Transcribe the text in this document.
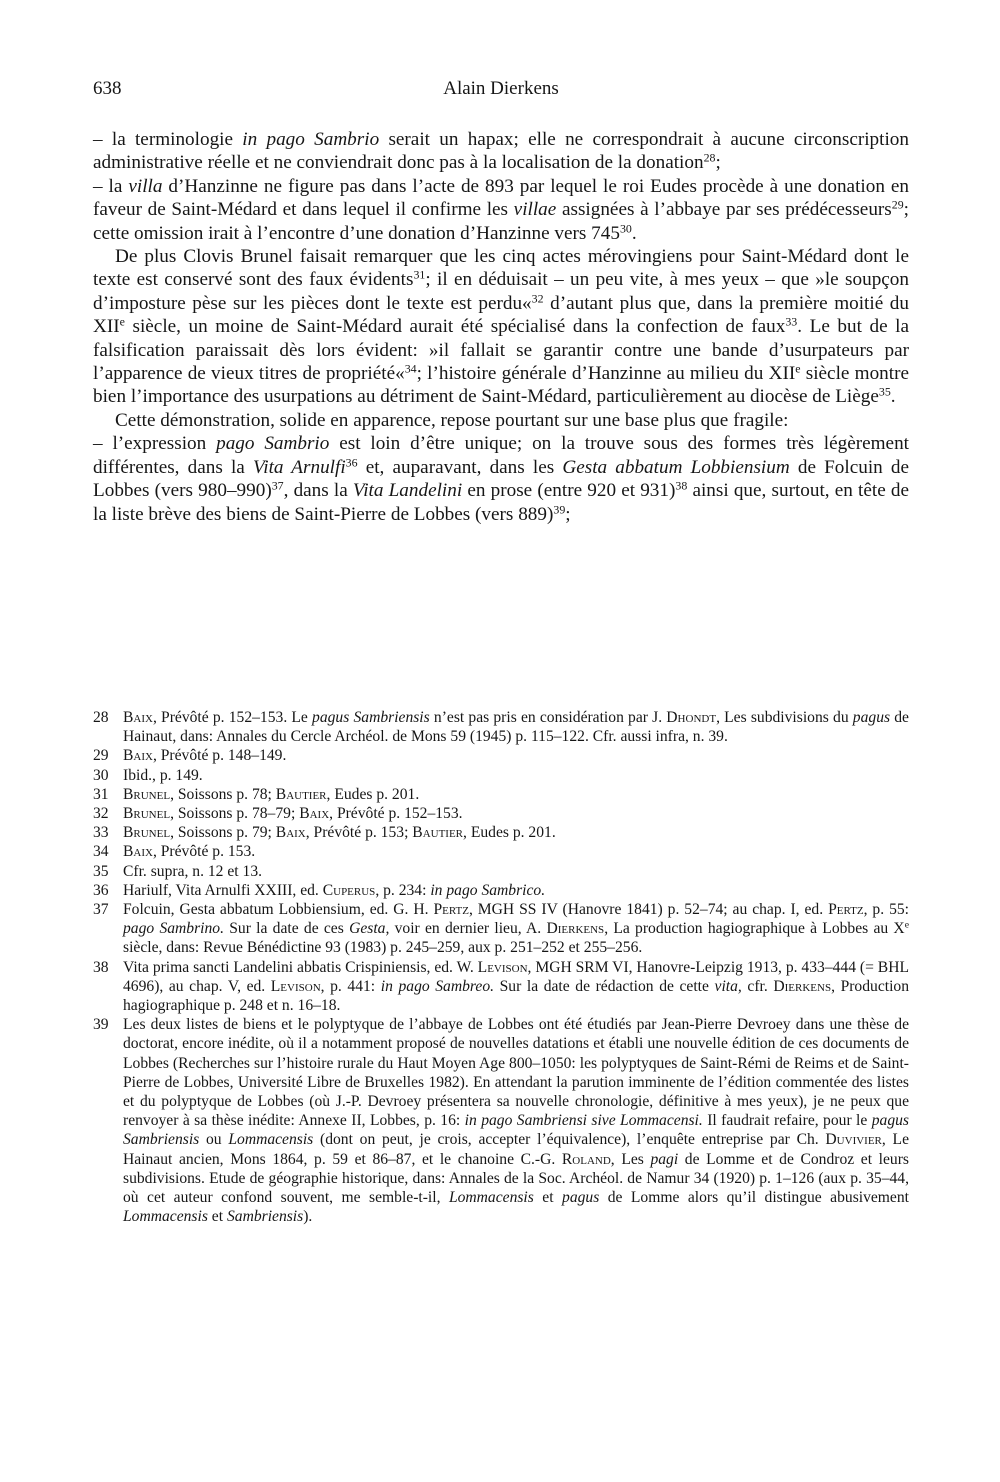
638	Alain Dierkens

– la terminologie in pago Sambrio serait un hapax; elle ne correspondrait à aucune circonscription administrative réelle et ne conviendrait donc pas à la localisation de la donation$^{28}$;

– la villa d’Hanzinne ne figure pas dans l’acte de 893 par lequel le roi Eudes procède à une donation en faveur de Saint-Médard et dans lequel il confirme les villae assignées à l’abbaye par ses prédécesseurs$^{29}$; cette omission irait à l’encontre d’une donation d’Hanzinne vers $745^{30}$.

De plus Clovis Brunel faisait remarquer que les cinq actes mérovingiens pour Saint-Médard dont le texte est conservé sont des faux évidents$^{31}$; il en déduisait – un peu vite, à mes yeux – que »le soupçon d’imposture pèse sur les pièces dont le texte est perdu«$^{32}$ d’autant plus que, dans la première moitié du XIIe siècle, un moine de Saint-Médard aurait été spécialisé dans la confection de faux$^{33}$. Le but de la falsification paraissait dès lors évident: »il fallait se garantir contre une bande d’usurpateurs par l’apparence de vieux titres de propriété«$^{34}$; l’histoire générale d’Hanzinne au milieu du XIIe siècle montre bien l’importance des usurpations au détriment de Saint-Médard, particulièrement au diocèse de Liège$^{35}$.

Cette démonstration, solide en apparence, repose pourtant sur une base plus que fragile:

– l’expression pago Sambrio est loin d’être unique; on la trouve sous des formes très légèrement différentes, dans la Vita Arnulfi$^{36}$ et, auparavant, dans les Gesta abbatum Lobbiensium de Folcuin de Lobbes (vers 980–990)$^{37}$, dans la Vita Landelini en prose (entre 920 et 931)$^{38}$ ainsi que, surtout, en tête de la liste brève des biens de Saint-Pierre de Lobbes (vers 889)$^{39}$;

28 Baix, Prévôté p. 152–153. Le pagus Sambriensis n’est pas pris en considération par J. Dhondt, Les subdivisions du pagus de Hainaut, dans: Annales du Cercle Archéol. de Mons 59 (1945) p. 115–122. Cfr. aussi infra, n. 39.
29 Baix, Prévôté p. 148–149.
30 Ibid., p. 149.
31 Brunel, Soissons p. 78; Bautier, Eudes p. 201.
32 Brunel, Soissons p. 78–79; Baix, Prévôté p. 152–153.
33 Brunel, Soissons p. 79; Baix, Prévôté p. 153; Bautier, Eudes p. 201.
34 Baix, Prévôté p. 153.
35 Cfr. supra, n. 12 et 13.
36 Hariulf, Vita Arnulfi XXIII, ed. Cuperus, p. 234: in pago Sambrico.
37 Folcuin, Gesta abbatum Lobbiensium, ed. G. H. Pertz, MGH SS IV (Hanovre 1841) p. 52–74; au chap. I, ed. Pertz, p. 55: pago Sambrino. Sur la date de ces Gesta, voir en dernier lieu, A. Dierkens, La production hagiographique à Lobbes au Xe siècle, dans: Revue Bénédictine 93 (1983) p. 245–259, aux p. 251–252 et 255–256.
38 Vita prima sancti Landelini abbatis Crispiniensis, ed. W. Levison, MGH SRM VI, Hanovre-Leipzig 1913, p. 433–444 (= BHL 4696), au chap. V, ed. Levison, p. 441: in pago Sambreo. Sur la date de rédaction de cette vita, cfr. Dierkens, Production hagiographique p. 248 et n. 16–18.
39 Les deux listes de biens et le polyptyque de l’abbaye de Lobbes ont été étudiés par Jean-Pierre Devroey dans une thèse de doctorat, encore inédite, où il a notamment proposé de nouvelles datations et établi une nouvelle édition de ces documents de Lobbes (Recherches sur l’histoire rurale du Haut Moyen Age 800–1050: les polyptyques de Saint-Rémi de Reims et de Saint-Pierre de Lobbes, Université Libre de Bruxelles 1982). En attendant la parution imminente de l’édition commentée des listes et du polyptyque de Lobbes (où J.-P. Devroey présentera sa nouvelle chronologie, définitive à mes yeux), je ne peux que renvoyer à sa thèse inédite: Annexe II, Lobbes, p. 16: in pago Sambriensi sive Lommacensi. Il faudrait refaire, pour le pagus Sambriensis ou Lommacensis (dont on peut, je crois, accepter l’équivalence), l’enquête entreprise par Ch. Duvivier, Le Hainaut ancien, Mons 1864, p. 59 et 86–87, et le chanoine C.-G. Roland, Les pagi de Lomme et de Condroz et leurs subdivisions. Etude de géographie historique, dans: Annales de la Soc. Archéol. de Namur 34 (1920) p. 1–126 (aux p. 35–44, où cet auteur confond souvent, me semble-t-il, Lommacensis et pagus de Lomme alors qu’il distingue abusivement Lommacensis et Sambriensis).
